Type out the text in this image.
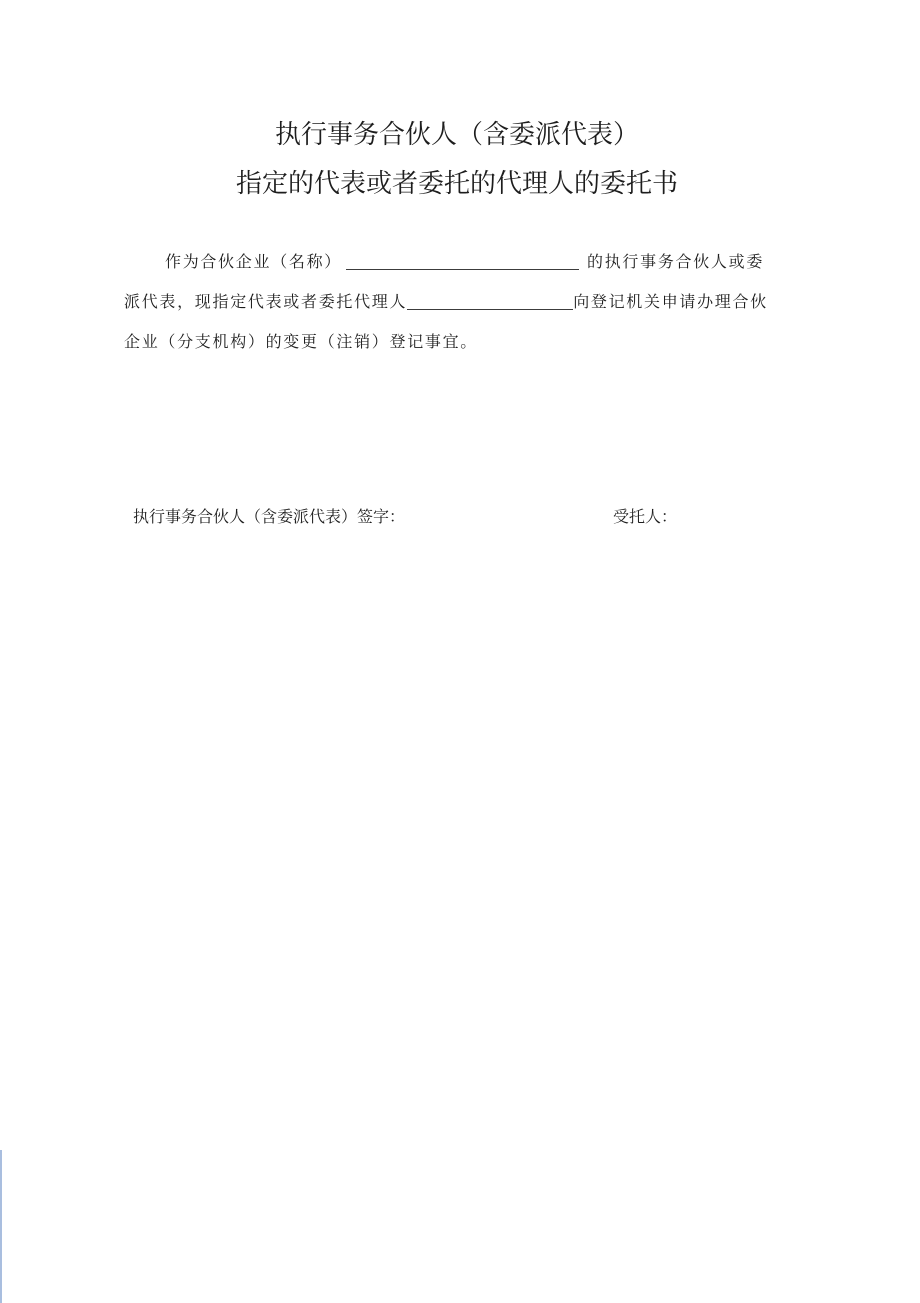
执行事务合伙人（含委派代表）
指定的代表或者委托的代理人的委托书
作为合伙企业（名称）	的执行事务合伙人或委
派代表，现指定代表或者委托代理人	向登记机关申请办理合伙
企业（分支机构）的变更（注销）登记事宜。
执行事务合伙人（含委派代表）签字：	受托人：
